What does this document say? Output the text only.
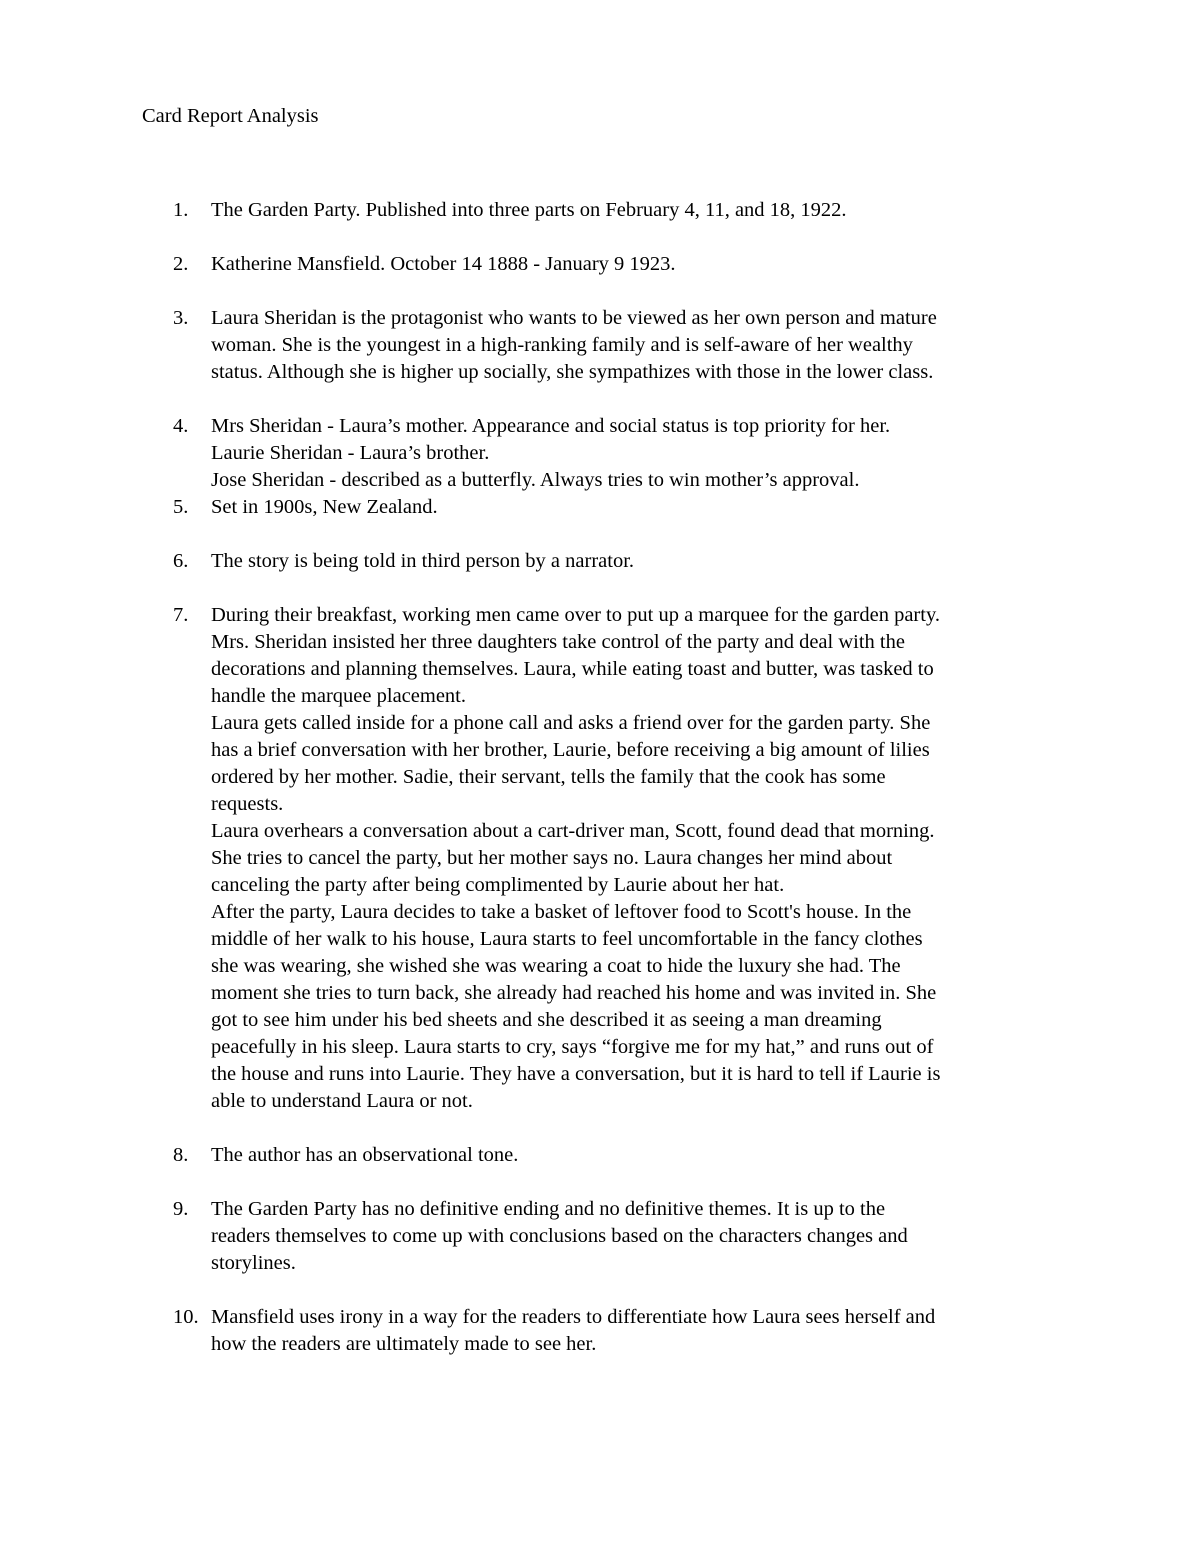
Card Report Analysis
1. The Garden Party. Published into three parts on February 4, 11, and 18, 1922.
2. Katherine Mansfield. October 14 1888 - January 9 1923.
3. Laura Sheridan is the protagonist who wants to be viewed as her own person and mature
woman. She is the youngest in a high-ranking family and is self-aware of her wealthy
status. Although she is higher up socially, she sympathizes with those in the lower class.
4. Mrs Sheridan - Laura’s mother. Appearance and social status is top priority for her.
Laurie Sheridan - Laura’s brother.
Jose Sheridan - described as a butterfly. Always tries to win mother’s approval.
5. Set in 1900s, New Zealand.
6. The story is being told in third person by a narrator.
7. During their breakfast, working men came over to put up a marquee for the garden party.
Mrs. Sheridan insisted her three daughters take control of the party and deal with the
decorations and planning themselves. Laura, while eating toast and butter, was tasked to
handle the marquee placement.
Laura gets called inside for a phone call and asks a friend over for the garden party. She
has a brief conversation with her brother, Laurie, before receiving a big amount of lilies
ordered by her mother. Sadie, their servant, tells the family that the cook has some
requests.
Laura overhears a conversation about a cart-driver man, Scott, found dead that morning.
She tries to cancel the party, but her mother says no. Laura changes her mind about
canceling the party after being complimented by Laurie about her hat.
After the party, Laura decides to take a basket of leftover food to Scott's house. In the
middle of her walk to his house, Laura starts to feel uncomfortable in the fancy clothes
she was wearing, she wished she was wearing a coat to hide the luxury she had. The
moment she tries to turn back, she already had reached his home and was invited in. She
got to see him under his bed sheets and she described it as seeing a man dreaming
peacefully in his sleep. Laura starts to cry, says “forgive me for my hat,” and runs out of
the house and runs into Laurie. They have a conversation, but it is hard to tell if Laurie is
able to understand Laura or not.
8. The author has an observational tone.
9. The Garden Party has no definitive ending and no definitive themes. It is up to the
readers themselves to come up with conclusions based on the characters changes and
storylines.
10. Mansfield uses irony in a way for the readers to differentiate how Laura sees herself and
how the readers are ultimately made to see her.
